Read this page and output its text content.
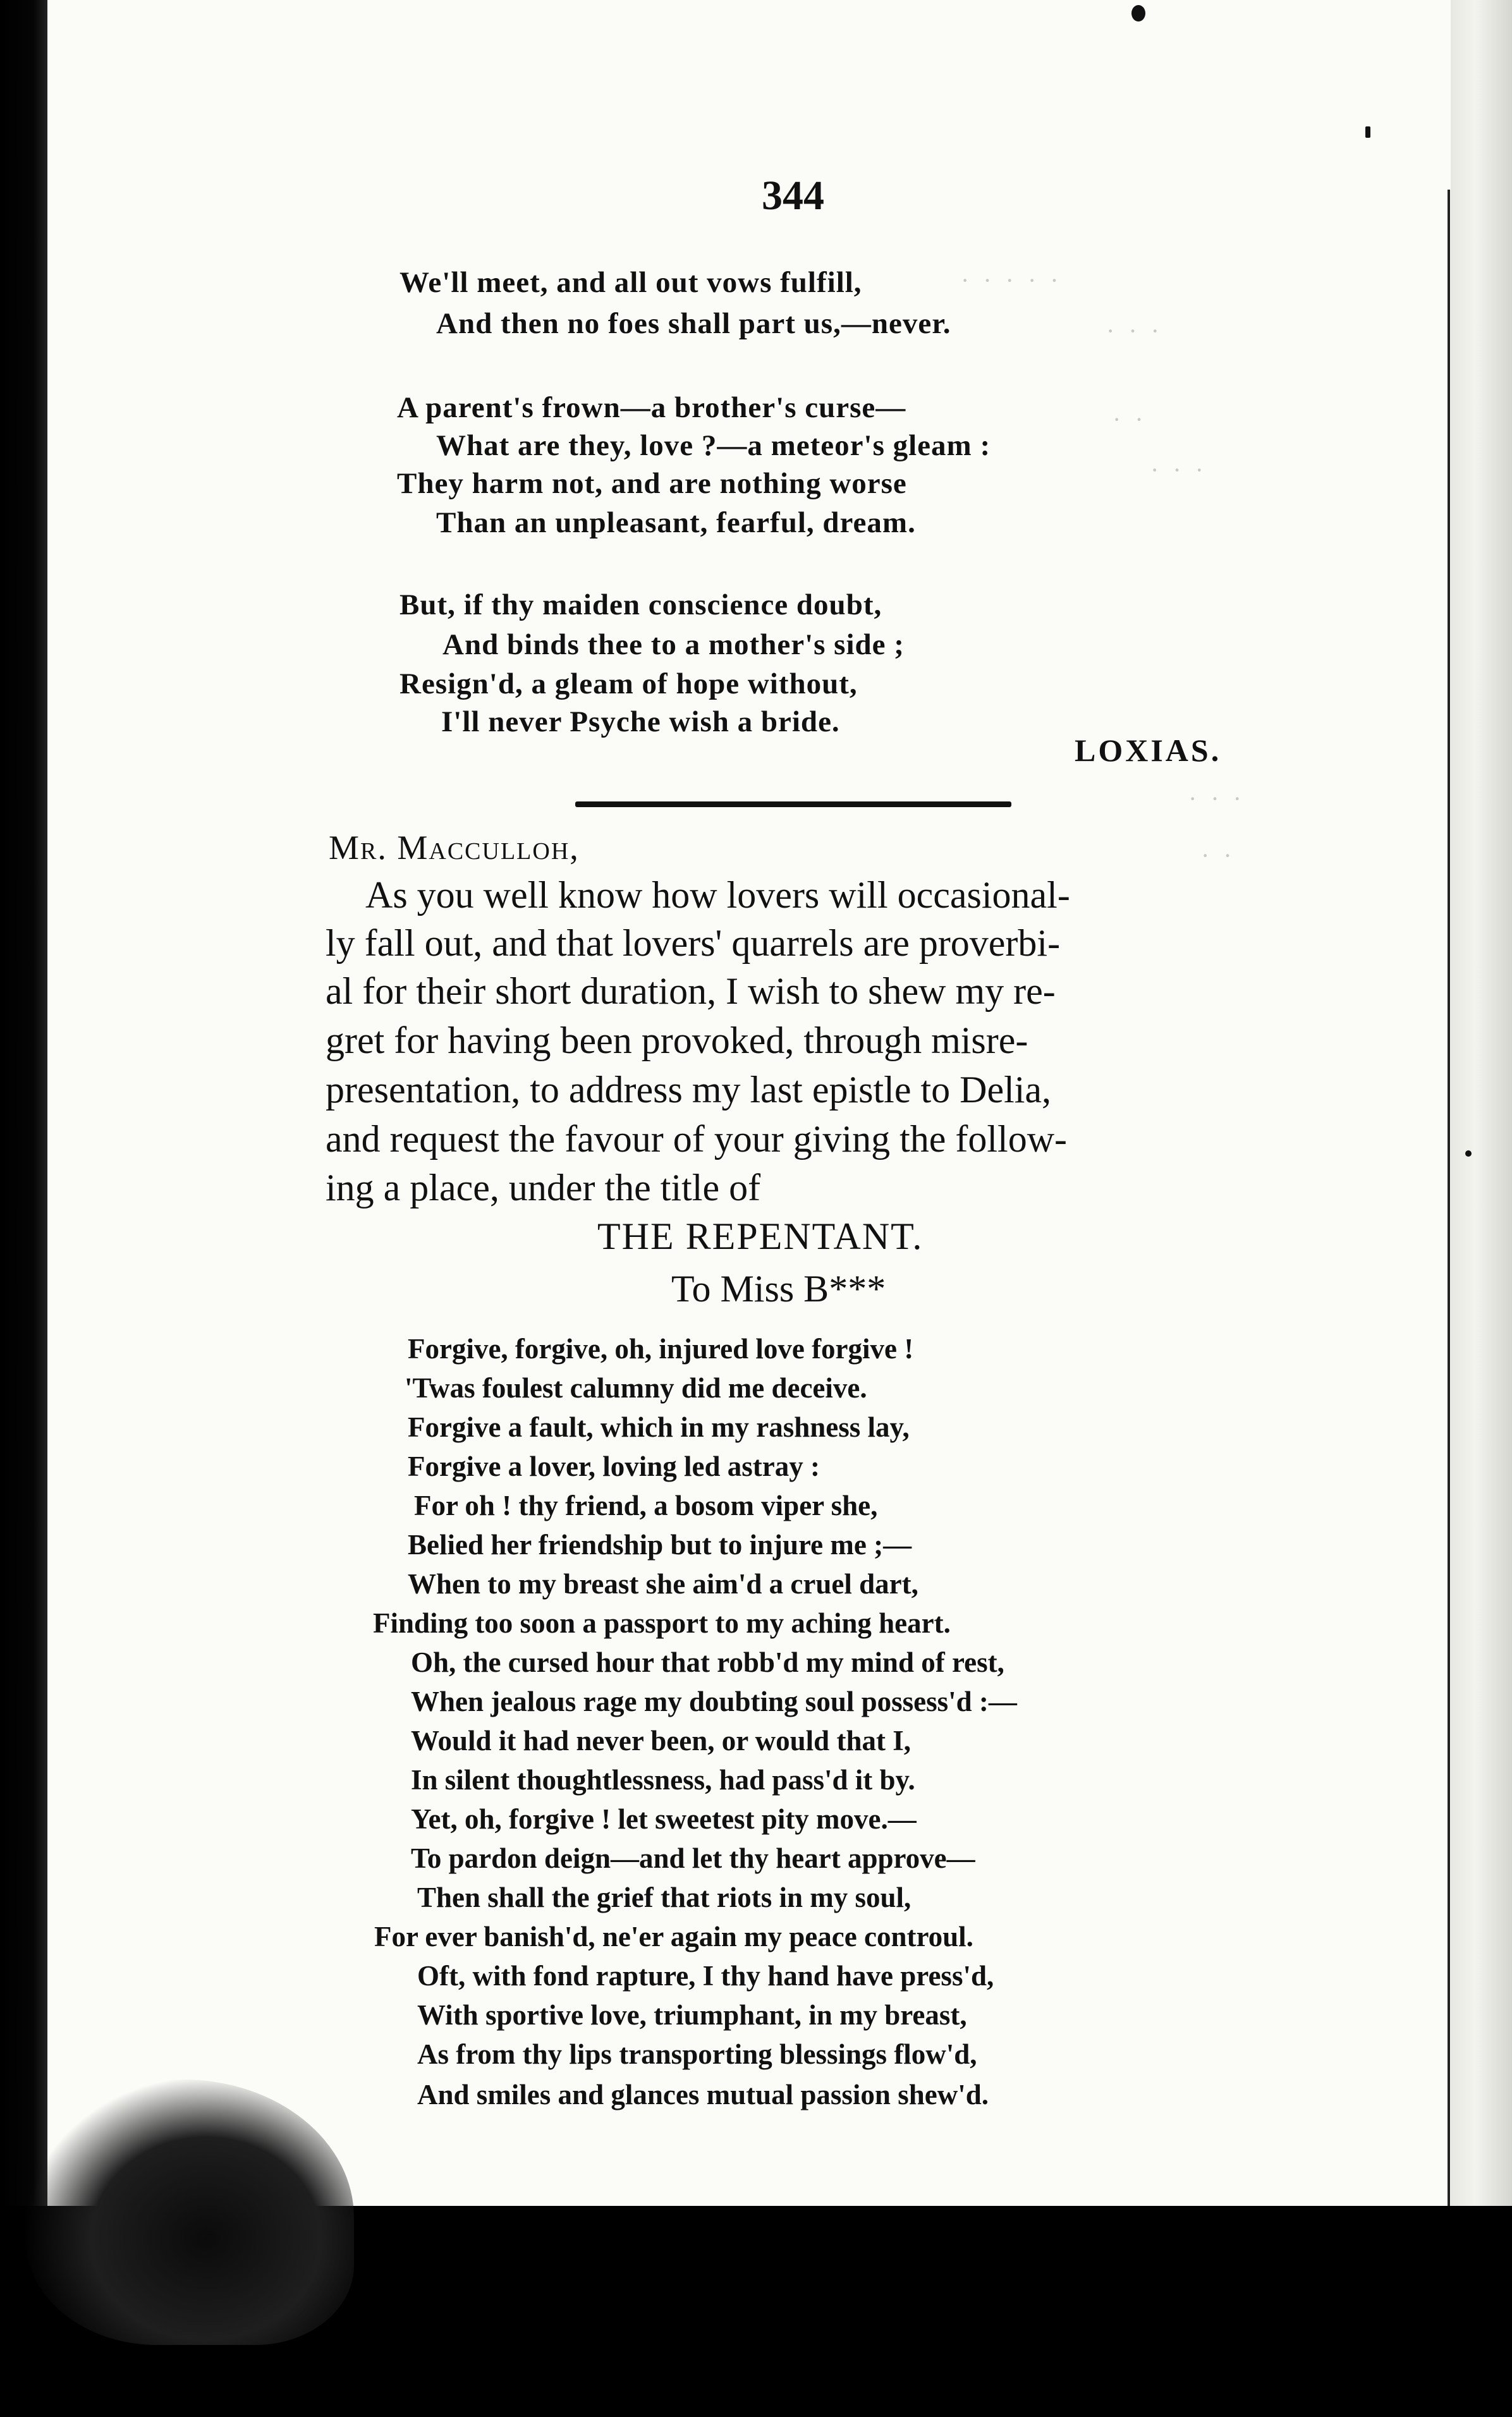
· · · · ·
· · ·
· ·
· · ·
· · ·
· ·
344
We'll meet, and all out vows fulfill,
And then no foes shall part us,—never.
A parent's frown—a brother's curse—
What are they, love ?—a meteor's gleam :
They harm not, and are nothing worse
Than an unpleasant, fearful, dream.
But, if thy maiden conscience doubt,
And binds thee to a mother's side ;
Resign'd, a gleam of hope without,
I'll never Psyche wish a bride.
LOXIAS.
Mr. Macculloh,
As you well know how lovers will occasional-
ly fall out, and that lovers' quarrels are proverbi-
al for their short duration, I wish to shew my re-
gret for having been provoked, through misre-
presentation, to address my last epistle to Delia,
and request the favour of your giving the follow-
ing a place, under the title of
THE REPENTANT.
To Miss B***
Forgive, forgive, oh, injured love forgive !
'Twas foulest calumny did me deceive.
Forgive a fault, which in my rashness lay,
Forgive a lover, loving led astray :
For oh ! thy friend, a bosom viper she,
Belied her friendship but to injure me ;—
When to my breast she aim'd a cruel dart,
Finding too soon a passport to my aching heart.
Oh, the cursed hour that robb'd my mind of rest,
When jealous rage my doubting soul possess'd :—
Would it had never been, or would that I,
In silent thoughtlessness, had pass'd it by.
Yet, oh, forgive ! let sweetest pity move.—
To pardon deign—and let thy heart approve—
Then shall the grief that riots in my soul,
For ever banish'd, ne'er again my peace controul.
Oft, with fond rapture, I thy hand have press'd,
With sportive love, triumphant, in my breast,
As from thy lips transporting blessings flow'd,
And smiles and glances mutual passion shew'd.
